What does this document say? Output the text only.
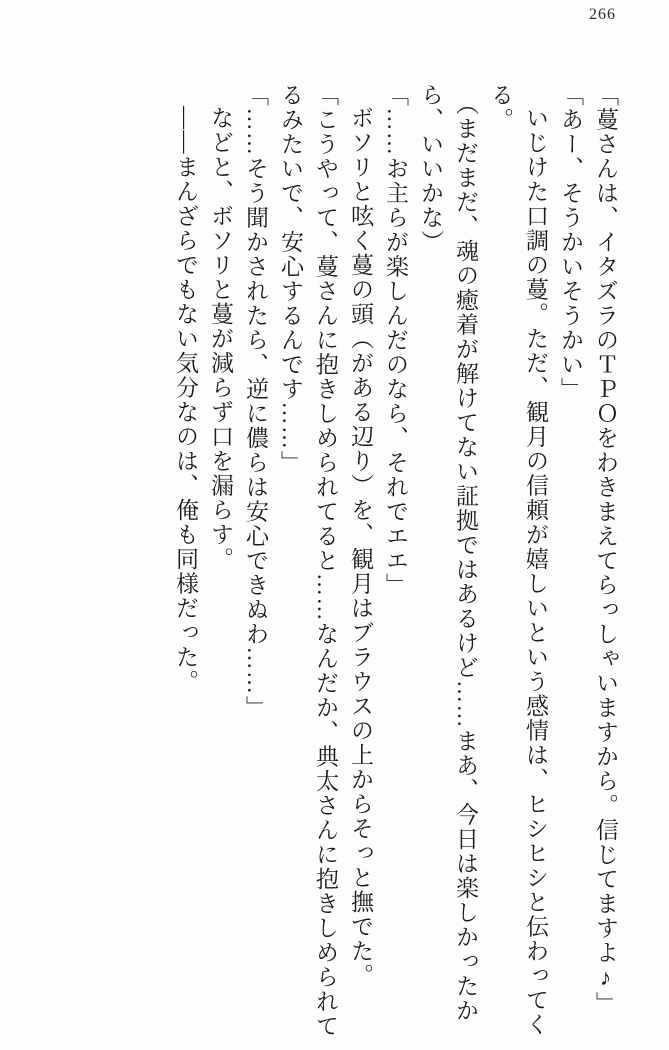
266

「蔓さんは、イタズラのＴＰＯをわきまえてらっしゃいますから。信じてますよ♪」

「あー、そうかいそうかい」

いじけた口調の蔓。ただ、観月の信頼が嬉しいという感情は、ヒシヒシと伝わってくる。

（まだまだ、魂の癒着が解けてない証拠ではあるけど……まあ、今日は楽しかったから、いいかな）

「……お主らが楽しんだのなら、それでエエ」

ボソリと呟く蔓の頭（がある辺り）を、観月はブラウスの上からそっと撫でた。

「こうやって、蔓さんに抱きしめられてると……なんだか、典太さんに抱きしめられてるみたいで、安心するんです……」

「……そう聞かされたら、逆に儂らは安心できぬわ……」

などと、ボソリと蔓が減らず口を漏らす。

――まんざらでもない気分なのは、俺も同様だった。
